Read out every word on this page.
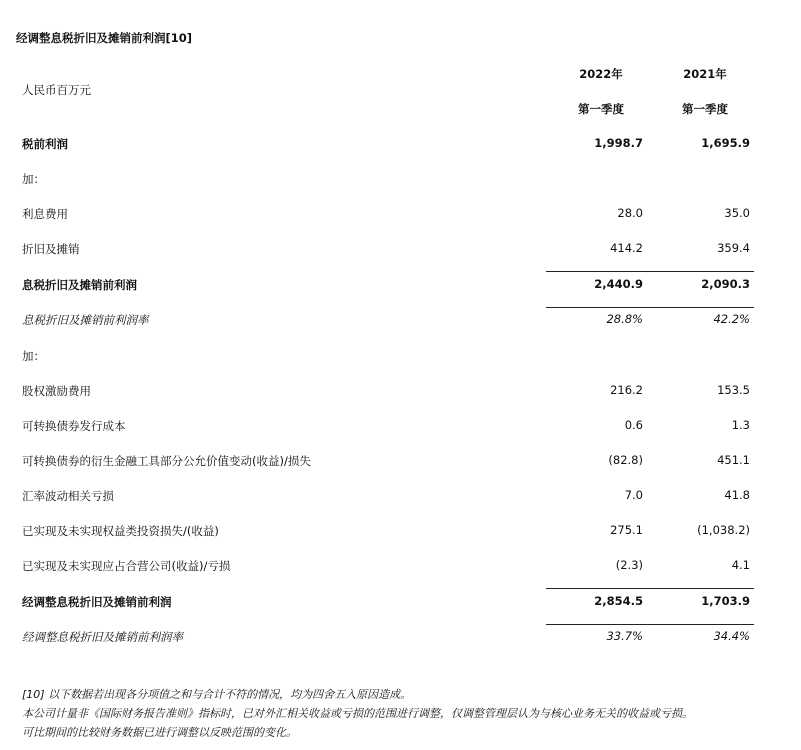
经调整息税折旧及摊销前利润[10]
人民币百万元
2022年	2021年
第一季度	第一季度
税前利润	1,998.7	1,695.9
加：
利息费用	28.0	35.0
折旧及摊销	414.2	359.4
息税折旧及摊销前利润	2,440.9	2,090.3
息税折旧及摊销前利润率	28.8%	42.2%
加：
股权激励费用	216.2	153.5
可转换债券发行成本	0.6	1.3
可转换债券的衍生金融工具部分公允价值变动(收益)/损失	(82.8)	451.1
汇率波动相关亏损	7.0	41.8
已实现及未实现权益类投资损失/(收益)	275.1	(1,038.2)
已实现及未实现应占合营公司(收益)/亏损	(2.3)	4.1
经调整息税折旧及摊销前利润	2,854.5	1,703.9
经调整息税折旧及摊销前利润率	33.7%	34.4%
[10] 以下数据若出现各分项值之和与合计不符的情况，均为四舍五入原因造成。
本公司计量非《国际财务报告准则》指标时，已对外汇相关收益或亏损的范围进行调整，仅调整管理层认为与核心业务无关的收益或亏损。
可比期间的比较财务数据已进行调整以反映范围的变化。
